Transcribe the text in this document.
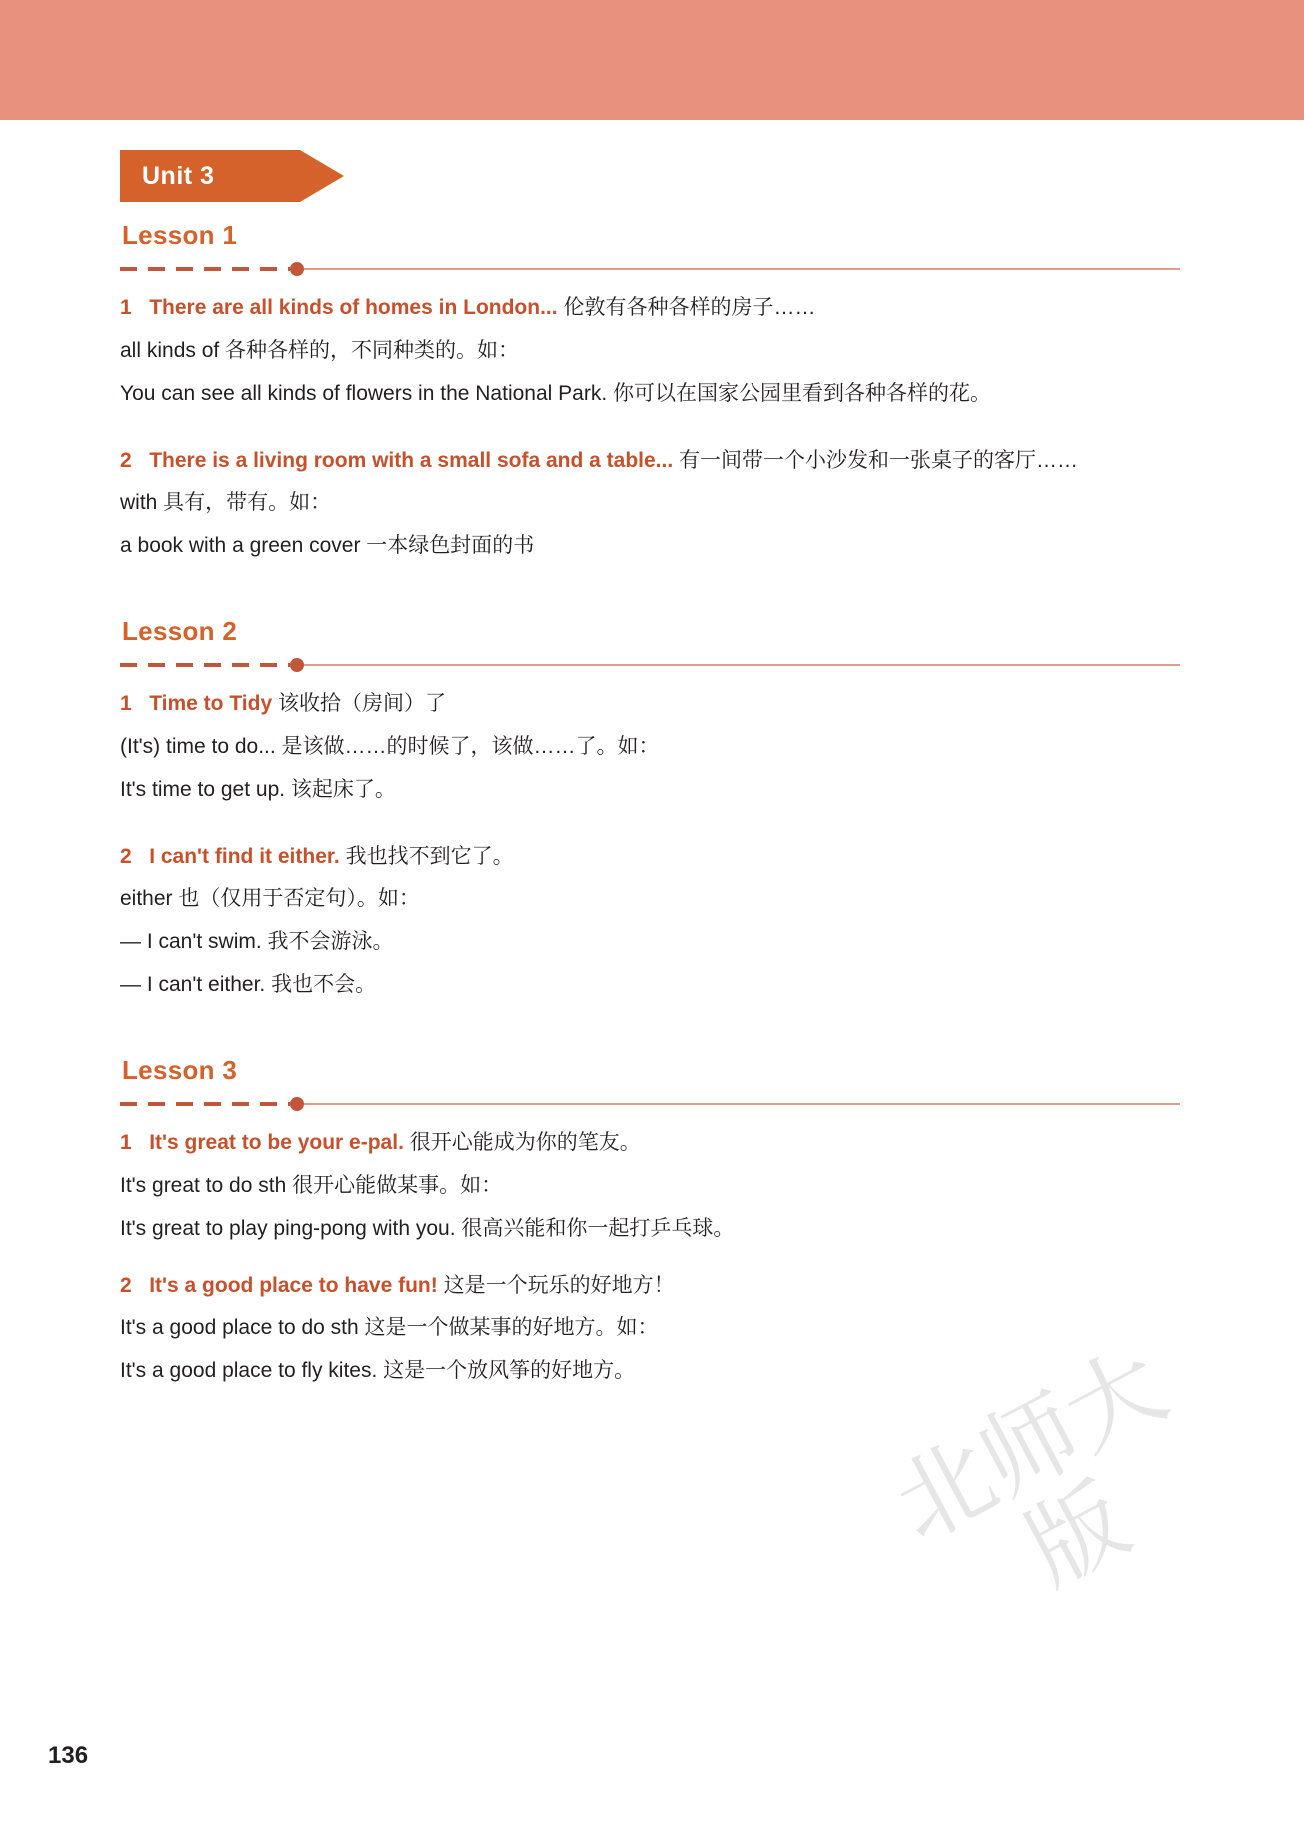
Unit 3
Lesson 1

1 There are all kinds of homes in London... 伦敦有各种各样的房子……

all kinds of 各种各样的，不同种类的。如：

You can see all kinds of flowers in the National Park. 你可以在国家公园里看到各种各样的花。

2 There is a living room with a small sofa and a table... 有一间带一个小沙发和一张桌子的客厅……

with 具有，带有。如：

a book with a green cover 一本绿色封面的书

Lesson 2

1 Time to Tidy 该收拾（房间）了

(It's) time to do... 是该做……的时候了，该做……了。如：

It's time to get up. 该起床了。

2 I can't find it either. 我也找不到它了。

either 也（仅用于否定句）。如：

— I can't swim. 我不会游泳。

— I can't either. 我也不会。

Lesson 3

1 It's great to be your e-pal. 很开心能成为你的笔友。

It's great to do sth 很开心能做某事。如：

It's great to play ping-pong with you. 很高兴能和你一起打乒乓球。

2 It's a good place to have fun! 这是一个玩乐的好地方！

It's a good place to do sth 这是一个做某事的好地方。如：

It's a good place to fly kites. 这是一个放风筝的好地方。	北师大版
136
